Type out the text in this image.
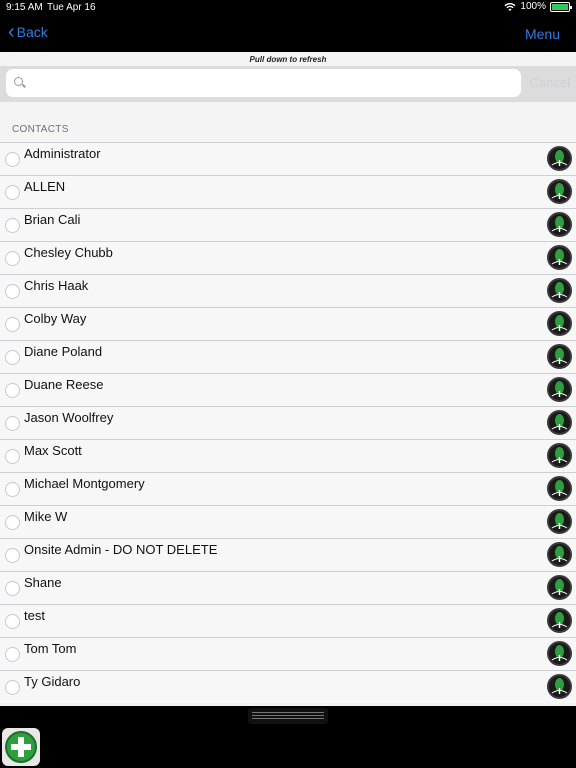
9:15 AM Tue Apr 16	100%
‹ Back	Menu
Pull down to refresh
Cancel
CONTACTS
Administrator
ALLEN
Brian Cali
Chesley Chubb
Chris Haak
Colby Way
Diane Poland
Duane Reese
Jason Woolfrey
Max Scott
Michael Montgomery
Mike W
Onsite Admin - DO NOT DELETE
Shane
test
Tom Tom
Ty Gidaro
